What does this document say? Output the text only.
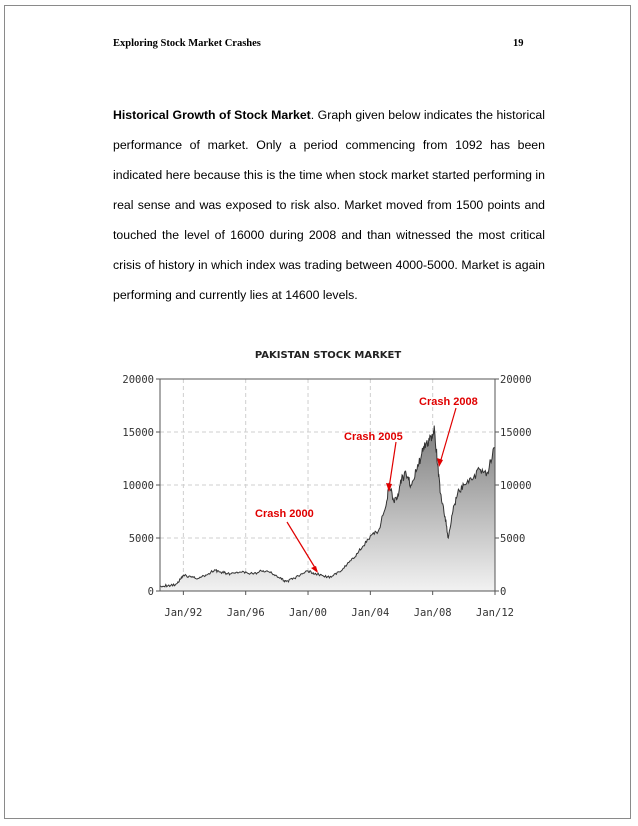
Exploring Stock Market Crashes	19

Historical Growth of Stock Market. Graph given below indicates the historical performance of market. Only a period commencing from 1092 has been indicated here because this is the time when stock market started performing in real sense and was exposed to risk also. Market moved from 1500 points and touched the level of 16000 during 2008 and than witnessed the most critical crisis of history in which index was trading between 4000-5000. Market is again performing and currently lies at 14600 levels.

PAKISTAN STOCK MARKET
0	0
5000	5000
10000	10000
15000	15000
20000	20000
Jan/92 Jan/96 Jan/00 Jan/04 Jan/08 Jan/12
Crash 2000
Crash 2005
Crash 2008
